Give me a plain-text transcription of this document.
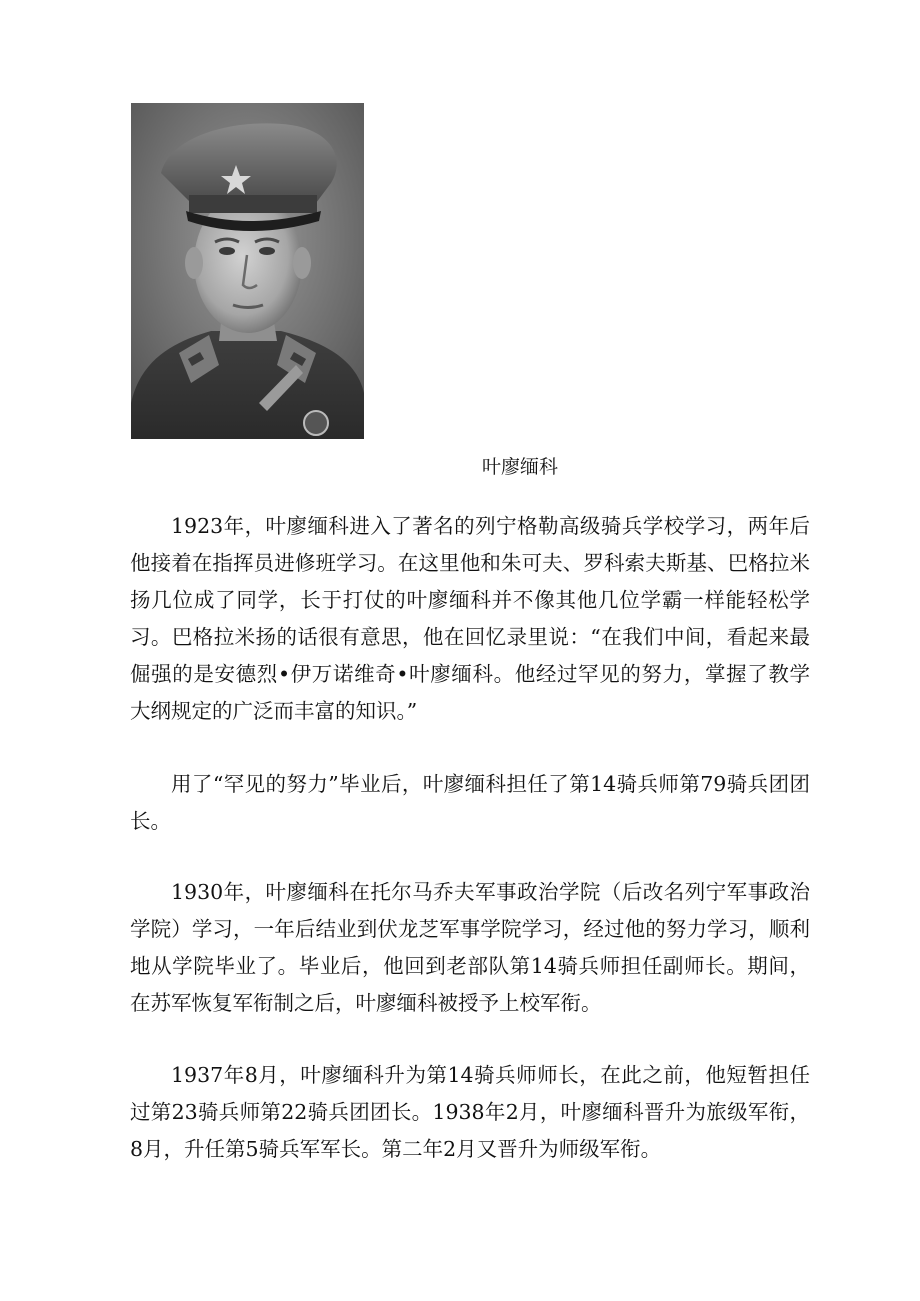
叶廖缅科

1923年，叶廖缅科进入了著名的列宁格勒高级骑兵学校学习，两年后他接着在指挥员进修班学习。在这里他和朱可夫、罗科索夫斯基、巴格拉米扬几位成了同学，长于打仗的叶廖缅科并不像其他几位学霸一样能轻松学习。巴格拉米扬的话很有意思，他在回忆录里说：“在我们中间，看起来最倔强的是安德烈•伊万诺维奇•叶廖缅科。他经过罕见的努力，掌握了教学大纲规定的广泛而丰富的知识。”

用了“罕见的努力”毕业后，叶廖缅科担任了第14骑兵师第79骑兵团团长。

1930年，叶廖缅科在托尔马乔夫军事政治学院（后改名列宁军事政治学院）学习，一年后结业到伏龙芝军事学院学习，经过他的努力学习，顺利地从学院毕业了。毕业后，他回到老部队第14骑兵师担任副师长。期间，在苏军恢复军衔制之后，叶廖缅科被授予上校军衔。

1937年8月，叶廖缅科升为第14骑兵师师长，在此之前，他短暂担任过第23骑兵师第22骑兵团团长。1938年2月，叶廖缅科晋升为旅级军衔，8月，升任第5骑兵军军长。第二年2月又晋升为师级军衔。
